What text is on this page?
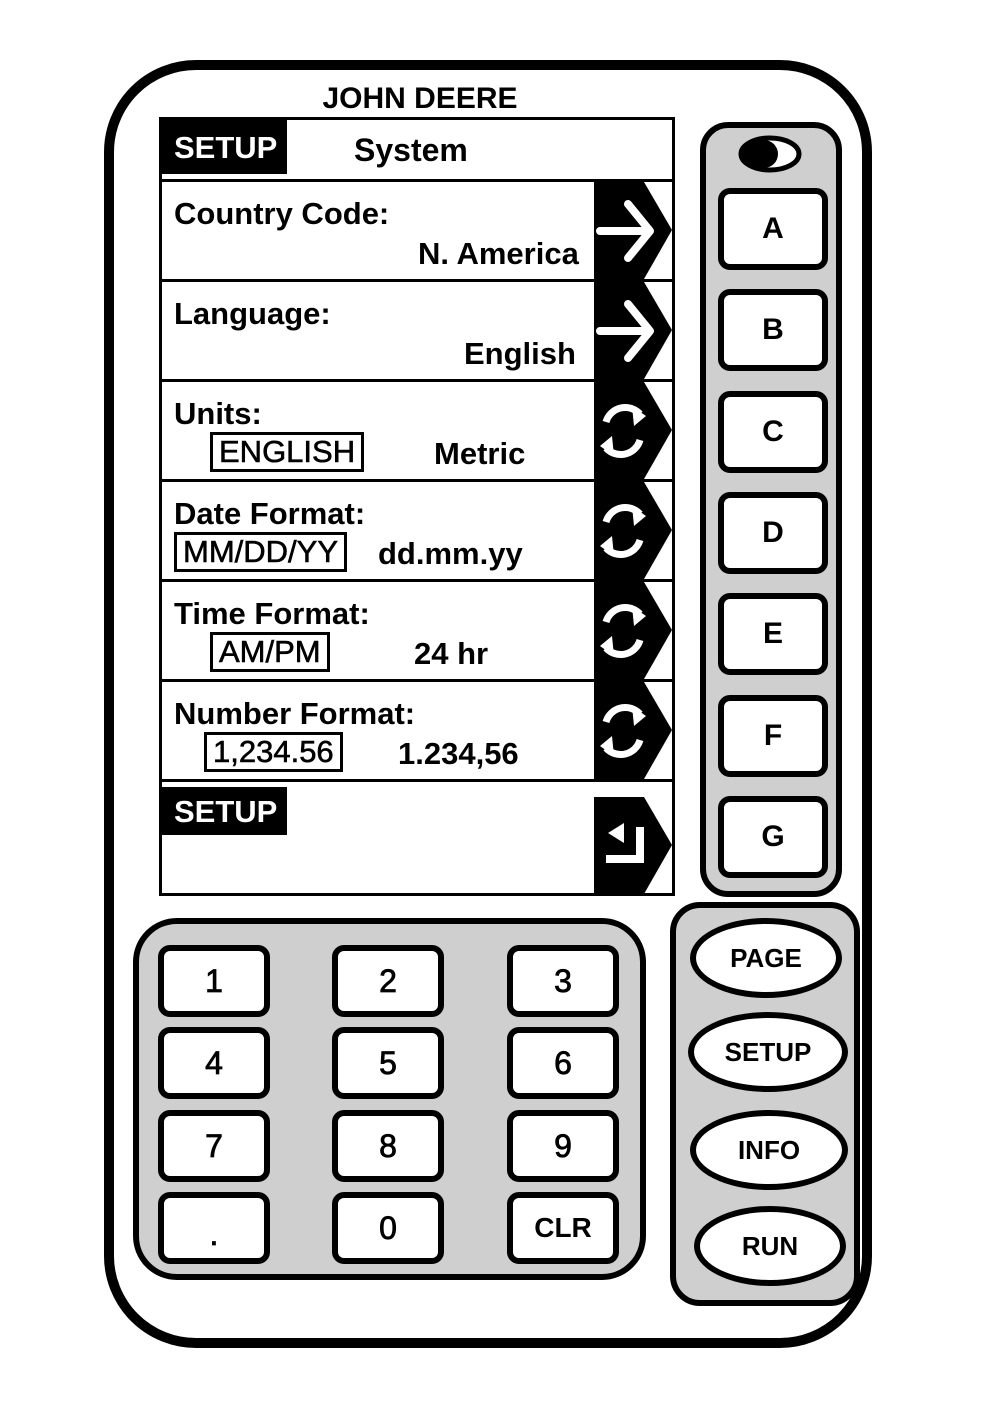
JOHN DEERE
SETUP	System
Country Code:
N. America
Language:
English
Units:
ENGLISH	Metric
Date Format:
MM/DD/YY dd.mm.yy
Time Format:
AM/PM	24 hr
Number Format:
1,234.56 1.234,56
SETUP
A
B
C
D
E
F
G
1	2	3
4	5	6
7	8	9
.	0	CLR
PAGE
SETUP
INFO
RUN
